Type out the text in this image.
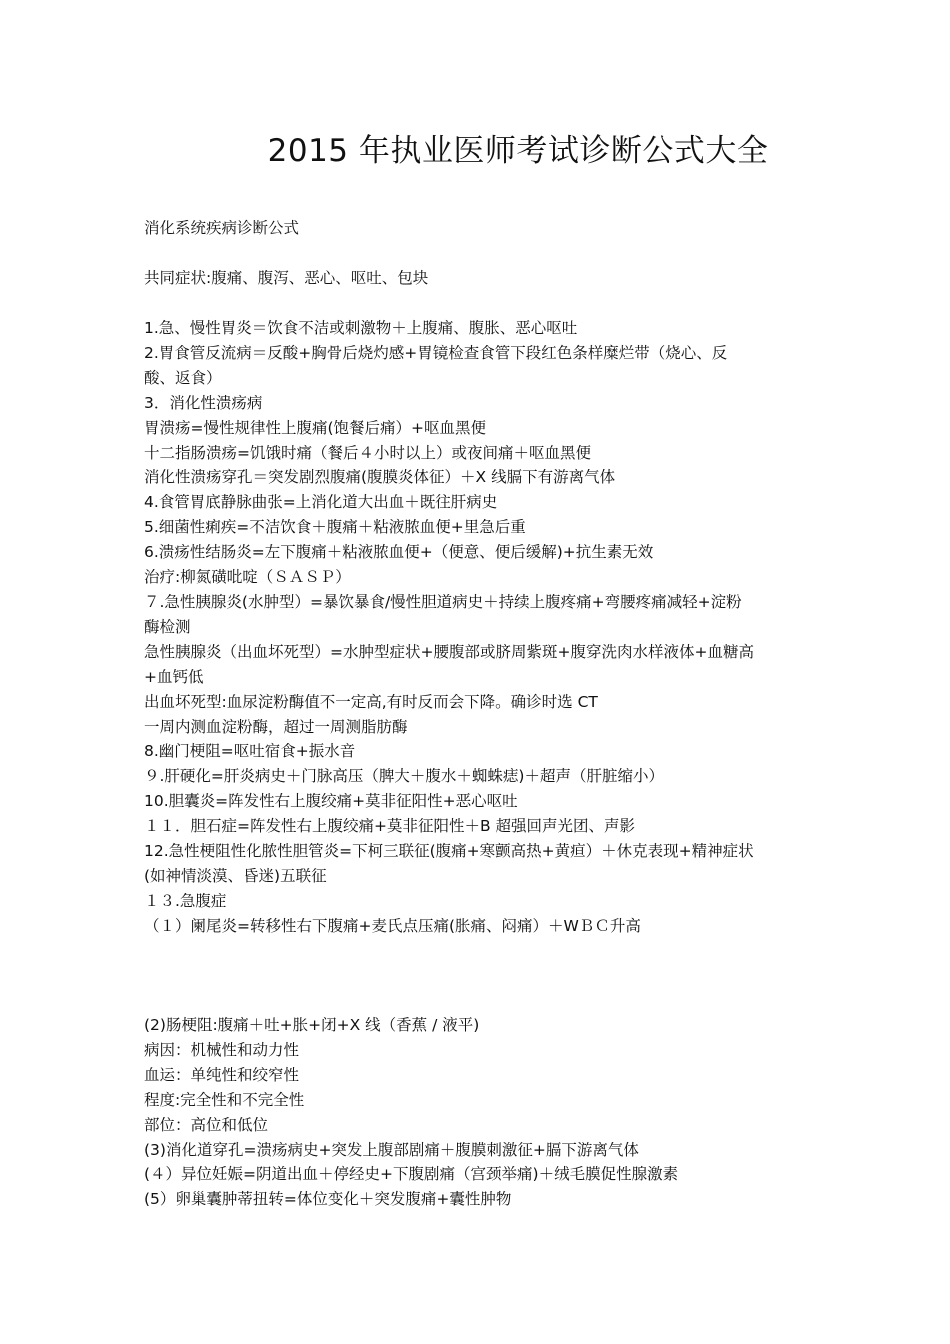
2015 年执业医师考试诊断公式大全
消化系统疾病诊断公式
共同症状:腹痛、腹泻、恶心、呕吐、包块
1.急、慢性胃炎＝饮食不洁或刺激物＋上腹痛、腹胀、恶心呕吐
2.胃食管反流病＝反酸+胸骨后烧灼感+胃镜检查食管下段红色条样糜烂带（烧心、反
酸、返食）
3．消化性溃疡病
胃溃疡=慢性规律性上腹痛(饱餐后痛）+呕血黑便
十二指肠溃疡=饥饿时痛（餐后４小时以上）或夜间痛＋呕血黑便
消化性溃疡穿孔＝突发剧烈腹痛(腹膜炎体征）＋X 线膈下有游离气体
4.食管胃底静脉曲张=上消化道大出血＋既往肝病史
5.细菌性痢疾=不洁饮食＋腹痛＋粘液脓血便+里急后重
6.溃疡性结肠炎=左下腹痛＋粘液脓血便+（便意、便后缓解)+抗生素无效
治疗:柳氮磺吡啶（ＳＡＳＰ）
７.急性胰腺炎(水肿型）=暴饮暴食/慢性胆道病史＋持续上腹疼痛+弯腰疼痛减轻+淀粉
酶检测
急性胰腺炎（出血坏死型）=水肿型症状+腰腹部或脐周紫斑+腹穿洗肉水样液体+血糖高
+血钙低
出血坏死型:血尿淀粉酶值不一定高,有时反而会下降。确诊时选 CT
一周内测血淀粉酶，超过一周测脂肪酶
8.幽门梗阻=呕吐宿食+振水音
９.肝硬化=肝炎病史＋门脉高压（脾大＋腹水＋蜘蛛痣)＋超声（肝脏缩小）
10.胆囊炎=阵发性右上腹绞痛+莫非征阳性+恶心呕吐
１１．胆石症=阵发性右上腹绞痛+莫非征阳性＋B 超强回声光团、声影
12.急性梗阻性化脓性胆管炎=下柯三联征(腹痛+寒颤高热+黄疸）＋休克表现+精神症状
(如神情淡漠、昏迷)五联征
１３.急腹症
（１）阑尾炎=转移性右下腹痛+麦氏点压痛(胀痛、闷痛）＋WＢＣ升高
(2)肠梗阻:腹痛＋吐+胀+闭+X 线（香蕉 / 液平)
病因：机械性和动力性
血运：单纯性和绞窄性
程度:完全性和不完全性
部位：高位和低位
(3)消化道穿孔=溃疡病史+突发上腹部剧痛＋腹膜刺激征+膈下游离气体
(４）异位妊娠=阴道出血＋停经史+下腹剧痛（宫颈举痛)＋绒毛膜促性腺激素
(5）卵巢囊肿蒂扭转=体位变化＋突发腹痛+囊性肿物
